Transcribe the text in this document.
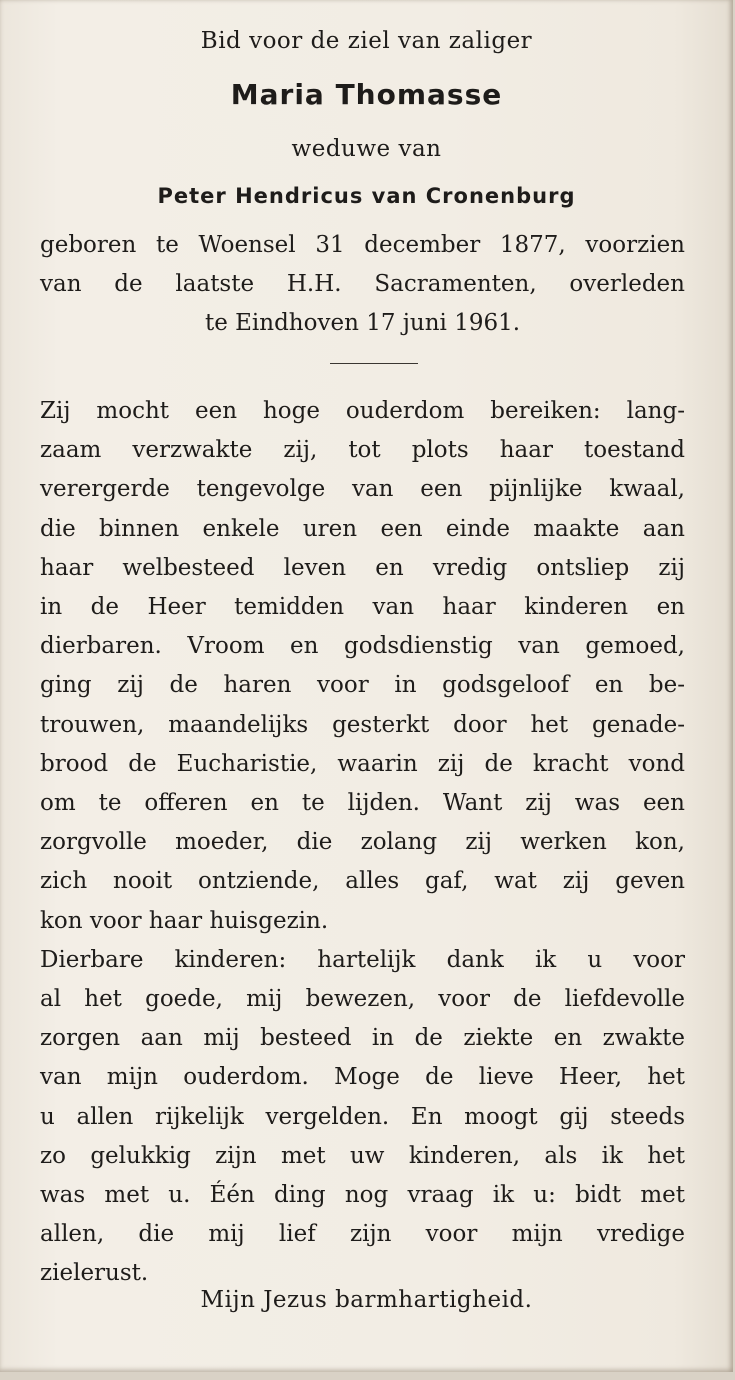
Bid voor de ziel van zaliger
Maria Thomasse
weduwe van
Peter Hendricus van Cronenburg
geboren te Woensel 31 december 1877, voorzien
van de laatste H.H. Sacramenten, overleden
te Eindhoven 17 juni 1961.
Zij mocht een hoge ouderdom bereiken: lang-
zaam verzwakte zij, tot plots haar toestand
verergerde tengevolge van een pijnlijke kwaal,
die binnen enkele uren een einde maakte aan
haar welbesteed leven en vredig ontsliep zij
in de Heer temidden van haar kinderen en
dierbaren. Vroom en godsdienstig van gemoed,
ging zij de haren voor in godsgeloof en be-
trouwen, maandelijks gesterkt door het genade-
brood de Eucharistie, waarin zij de kracht vond
om te offeren en te lijden. Want zij was een
zorgvolle moeder, die zolang zij werken kon,
zich nooit ontziende, alles gaf, wat zij geven
kon voor haar huisgezin.
Dierbare kinderen: hartelijk dank ik u voor
al het goede, mij bewezen, voor de liefdevolle
zorgen aan mij besteed in de ziekte en zwakte
van mijn ouderdom. Moge de lieve Heer, het
u allen rijkelijk vergelden. En moogt gij steeds
zo gelukkig zijn met uw kinderen, als ik het
was met u. Één ding nog vraag ik u: bidt met
allen, die mij lief zijn voor mijn vredige
zielerust.
Mijn Jezus barmhartigheid.
